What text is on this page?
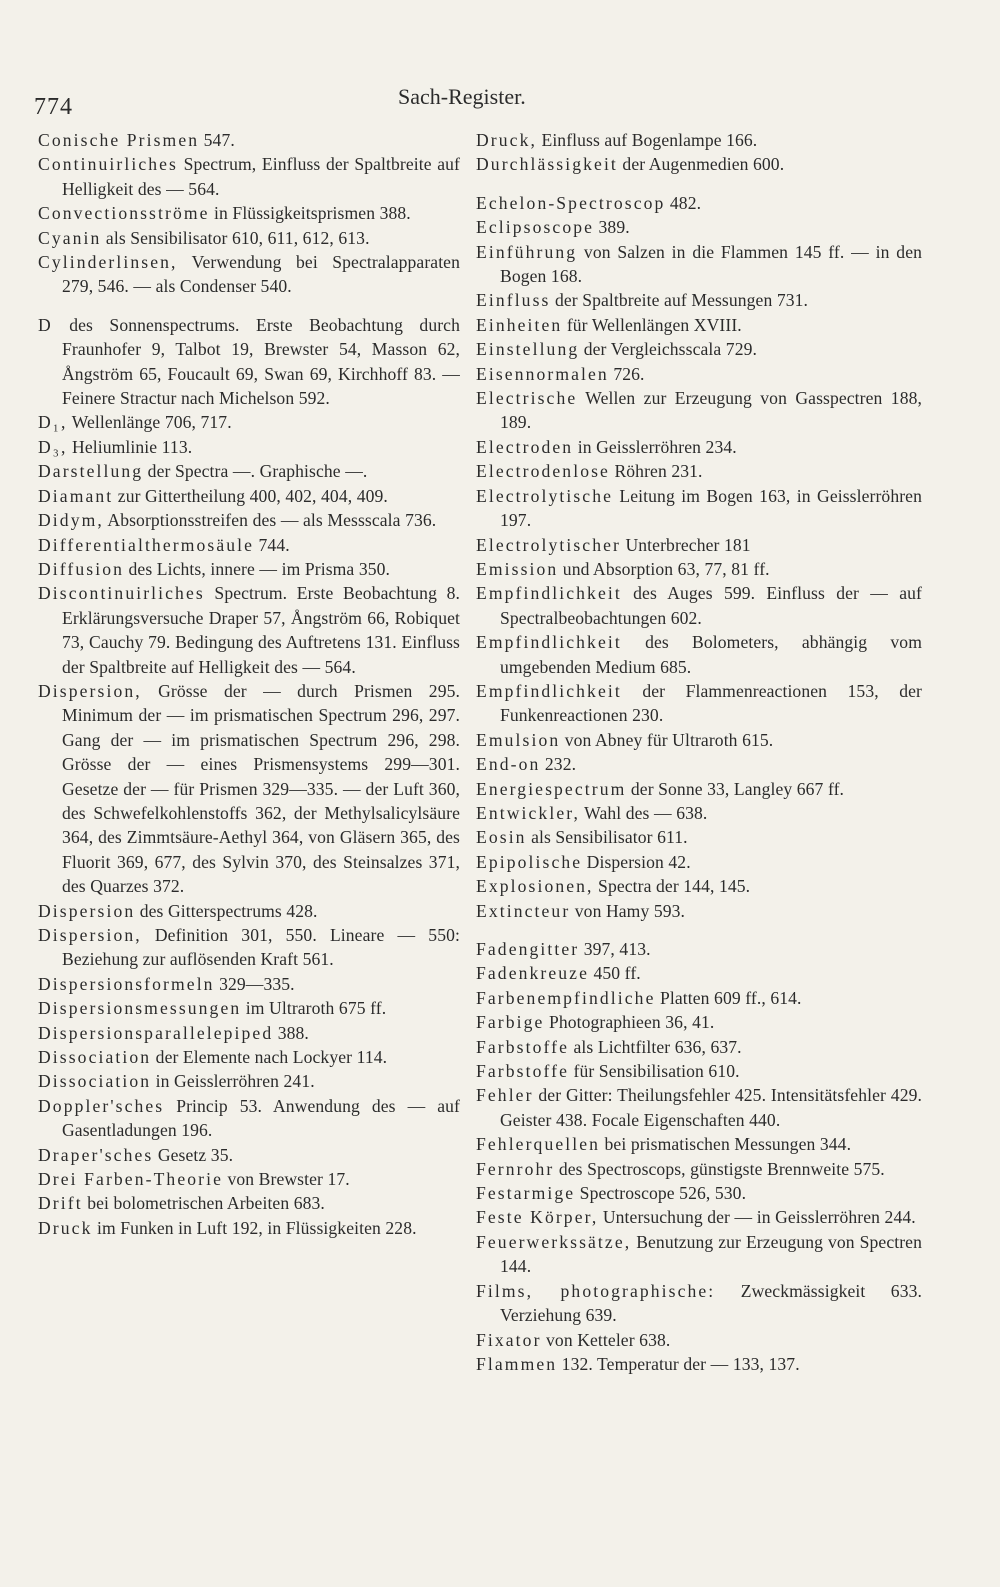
774	Sach-Register.

Conische Prismen 547.

Continuirliches Spectrum, Einfluss der Spaltbreite auf Helligkeit des — 564.

Convectionsströme in Flüssigkeitsprismen 388.

Cyanin als Sensibilisator 610, 611, 612, 613.

Cylinderlinsen, Verwendung bei Spectralapparaten 279, 546. — als Condenser 540.

D des Sonnenspectrums. Erste Beobachtung durch Fraunhofer 9, Talbot 19, Brewster 54, Masson 62, Ångström 65, Foucault 69, Swan 69, Kirchhoff 83. — Feinere Stractur nach Michelson 592.

D₁, Wellenlänge 706, 717.

D₃, Heliumlinie 113.

Darstellung der Spectra —. Graphische —.

Diamant zur Gittertheilung 400, 402, 404, 409.

Didym, Absorptionsstreifen des — als Messscala 736.

Differentialthermosäule 744.

Diffusion des Lichts, innere — im Prisma 350.

Discontinuirliches Spectrum. Erste Beobachtung 8. Erklärungsversuche Draper 57, Ångström 66, Robiquet 73, Cauchy 79. Bedingung des Auftretens 131. Einfluss der Spaltbreite auf Helligkeit des — 564.

Dispersion, Grösse der — durch Prismen 295. Minimum der — im prismatischen Spectrum 296, 297. Gang der — im prismatischen Spectrum 296, 298. Grösse der — eines Prismensystems 299—301. Gesetze der — für Prismen 329—335. — der Luft 360, des Schwefelkohlenstoffs 362, der Methylsalicylsäure 364, des Zimmtsäure-Aethyl 364, von Gläsern 365, des Fluorit 369, 677, des Sylvin 370, des Steinsalzes 371, des Quarzes 372.

Dispersion des Gitterspectrums 428.

Dispersion, Definition 301, 550. Lineare — 550: Beziehung zur auflösenden Kraft 561.

Dispersionsformeln 329—335.

Dispersionsmessungen im Ultraroth 675 ff.

Dispersionsparallelepiped 388.

Dissociation der Elemente nach Lockyer 114.

Dissociation in Geisslerröhren 241.

Doppler'sches Princip 53. Anwendung des — auf Gasentladungen 196.

Draper'sches Gesetz 35.

Drei Farben-Theorie von Brewster 17.

Drift bei bolometrischen Arbeiten 683.

Druck im Funken in Luft 192, in Flüssigkeiten 228.

Druck, Einfluss auf Bogenlampe 166.

Durchlässigkeit der Augenmedien 600.

Echelon-Spectroscop 482.

Eclipsoscope 389.

Einführung von Salzen in die Flammen 145 ff. — in den Bogen 168.

Einfluss der Spaltbreite auf Messungen 731.

Einheiten für Wellenlängen XVIII.

Einstellung der Vergleichsscala 729.

Eisennormalen 726.

Electrische Wellen zur Erzeugung von Gasspectren 188, 189.

Electroden in Geisslerröhren 234.

Electrodenlose Röhren 231.

Electrolytische Leitung im Bogen 163, in Geisslerröhren 197.

Electrolytischer Unterbrecher 181

Emission und Absorption 63, 77, 81 ff.

Empfindlichkeit des Auges 599. Einfluss der — auf Spectralbeobachtungen 602.

Empfindlichkeit des Bolometers, abhängig vom umgebenden Medium 685.

Empfindlichkeit der Flammenreactionen 153, der Funkenreactionen 230.

Emulsion von Abney für Ultraroth 615.

End-on 232.

Energiespectrum der Sonne 33, Langley 667 ff.

Entwickler, Wahl des — 638.

Eosin als Sensibilisator 611.

Epipolische Dispersion 42.

Explosionen, Spectra der 144, 145.

Extincteur von Hamy 593.

Fadengitter 397, 413.

Fadenkreuze 450 ff.

Farbenempfindliche Platten 609 ff., 614.

Farbige Photographieen 36, 41.

Farbstoffe als Lichtfilter 636, 637.

Farbstoffe für Sensibilisation 610.

Fehler der Gitter: Theilungsfehler 425. Intensitätsfehler 429. Geister 438. Focale Eigenschaften 440.

Fehlerquellen bei prismatischen Messungen 344.

Fernrohr des Spectroscops, günstigste Brennweite 575.

Festarmige Spectroscope 526, 530.

Feste Körper, Untersuchung der — in Geisslerröhren 244.

Feuerwerkssätze, Benutzung zur Erzeugung von Spectren 144.

Films, photographische: Zweckmässigkeit 633. Verziehung 639.

Fixator von Ketteler 638.

Flammen 132. Temperatur der — 133, 137.
